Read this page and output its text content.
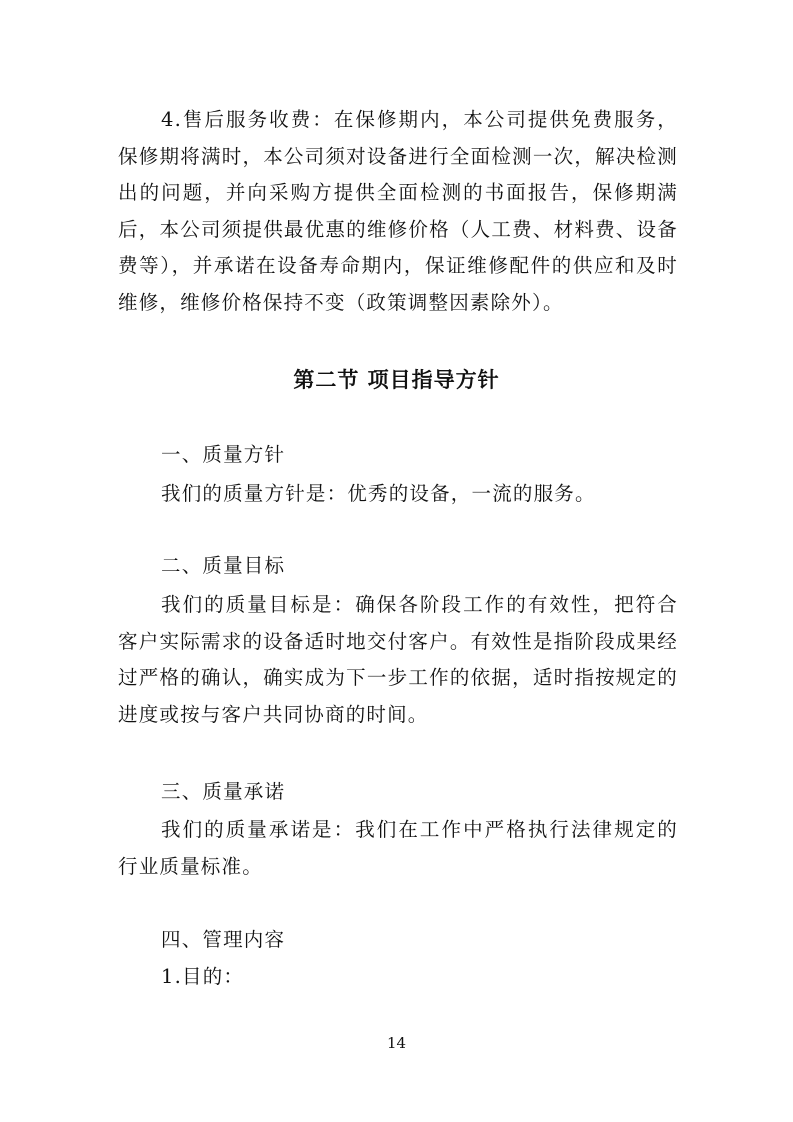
4.售后服务收费：在保修期内，本公司提供免费服务，保修期将满时，本公司须对设备进行全面检测一次，解决检测出的问题，并向采购方提供全面检测的书面报告，保修期满后，本公司须提供最优惠的维修价格（人工费、材料费、设备费等），并承诺在设备寿命期内，保证维修配件的供应和及时维修，维修价格保持不变（政策调整因素除外）。

第二节 项目指导方针

一、质量方针

我们的质量方针是：优秀的设备，一流的服务。

二、质量目标

我们的质量目标是：确保各阶段工作的有效性，把符合客户实际需求的设备适时地交付客户。有效性是指阶段成果经过严格的确认，确实成为下一步工作的依据，适时指按规定的进度或按与客户共同协商的时间。

三、质量承诺

我们的质量承诺是：我们在工作中严格执行法律规定的行业质量标准。

四、管理内容

1.目的：

14
